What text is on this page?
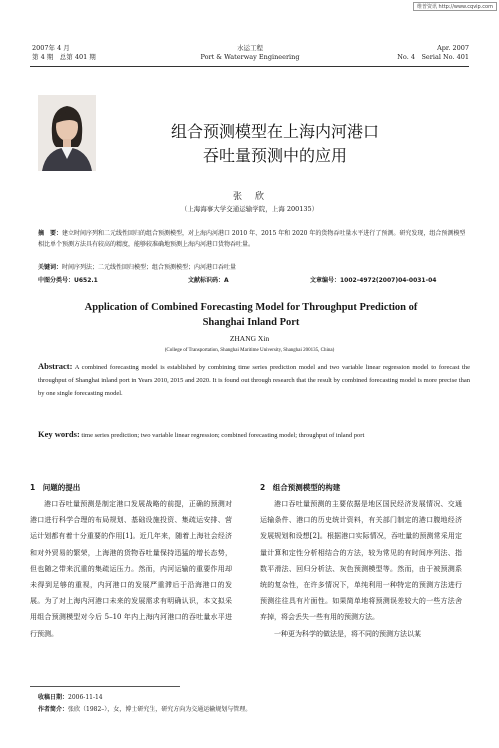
维普资讯 http://www.cqvip.com
2007年 4 月
第 4 期　总第 401 期
水运工程
Port & Waterway Engineering
Apr. 2007
No. 4　Serial No. 401
组合预测模型在上海内河港口
吞吐量预测中的应用
张　欣
（上海海事大学交通运输学院，上海 200135）
摘　要：建立时间序列和二元线性回归的组合预测模型，对上海内河港口 2010 年、2015 年和 2020 年的货物吞吐量水平进行了预测。研究发现，组合预测模型相比单个预测方法具有较高的精度，能够较准确地预测上海内河港口货物吞吐量。
关键词：时间序列法；二元线性回归模型；组合预测模型；内河港口吞吐量
中图分类号：U652.1	文献标识码：A	文章编号：1002-4972(2007)04-0031-04
Application of Combined Forecasting Model for Throughput Prediction of
Shanghai Inland Port
ZHANG Xin
(College of Transportation, Shanghai Maritime University, Shanghai 200135, China)
Abstract: A combined forecasting model is established by combining time series prediction model and two variable linear regression model to forecast the throughput of Shanghai inland port in Years 2010, 2015 and 2020. It is found out through research that the result by combined forecasting model is more precise than by one single forecasting model.
Key words: time series prediction; two variable linear regression; combined forecasting model; throughput of inland port
1　问题的提出
港口吞吐量预测是制定港口发展战略的前提，正确的预测对港口进行科学合理的布局规划、基础设施投资、集疏运安排、营运计划都有着十分重要的作用[1]。近几年来，随着上海社会经济和对外贸易的繁荣，上海港的货物吞吐量保持迅猛的增长态势，但也随之带来沉重的集疏运压力。然而，内河运输的重要作用却未得到足够的重视，内河港口的发展严重滞后于沿海港口的发展。为了对上海内河港口未来的发展需求有明确认识，本文拟采用组合预测模型对今后 5–10 年内上海内河港口的吞吐量水平进行预测。
2　组合预测模型的构建
港口吞吐量预测的主要依据是地区国民经济发展情况、交通运输条件、港口的历史统计资料，有关部门制定的港口腹地经济发展规划和设想[2]。根据港口实际情况，吞吐量的预测常采用定量计算和定性分析相结合的方法，较为常见的有时间序列法、指数平滑法、回归分析法、灰色预测模型等。然而，由于被预测系统的复杂性，在许多情况下，单纯利用一种特定的预测方法进行预测往往具有片面性。如果简单地将预测误差较大的一些方法舍弃掉，将会丢失一些有用的预测方法。
一种更为科学的做法是，将不同的预测方法以某
收稿日期：2006-11-14
作者简介：张欣（1982–），女，博士研究生，研究方向为交通运输规划与管理。
